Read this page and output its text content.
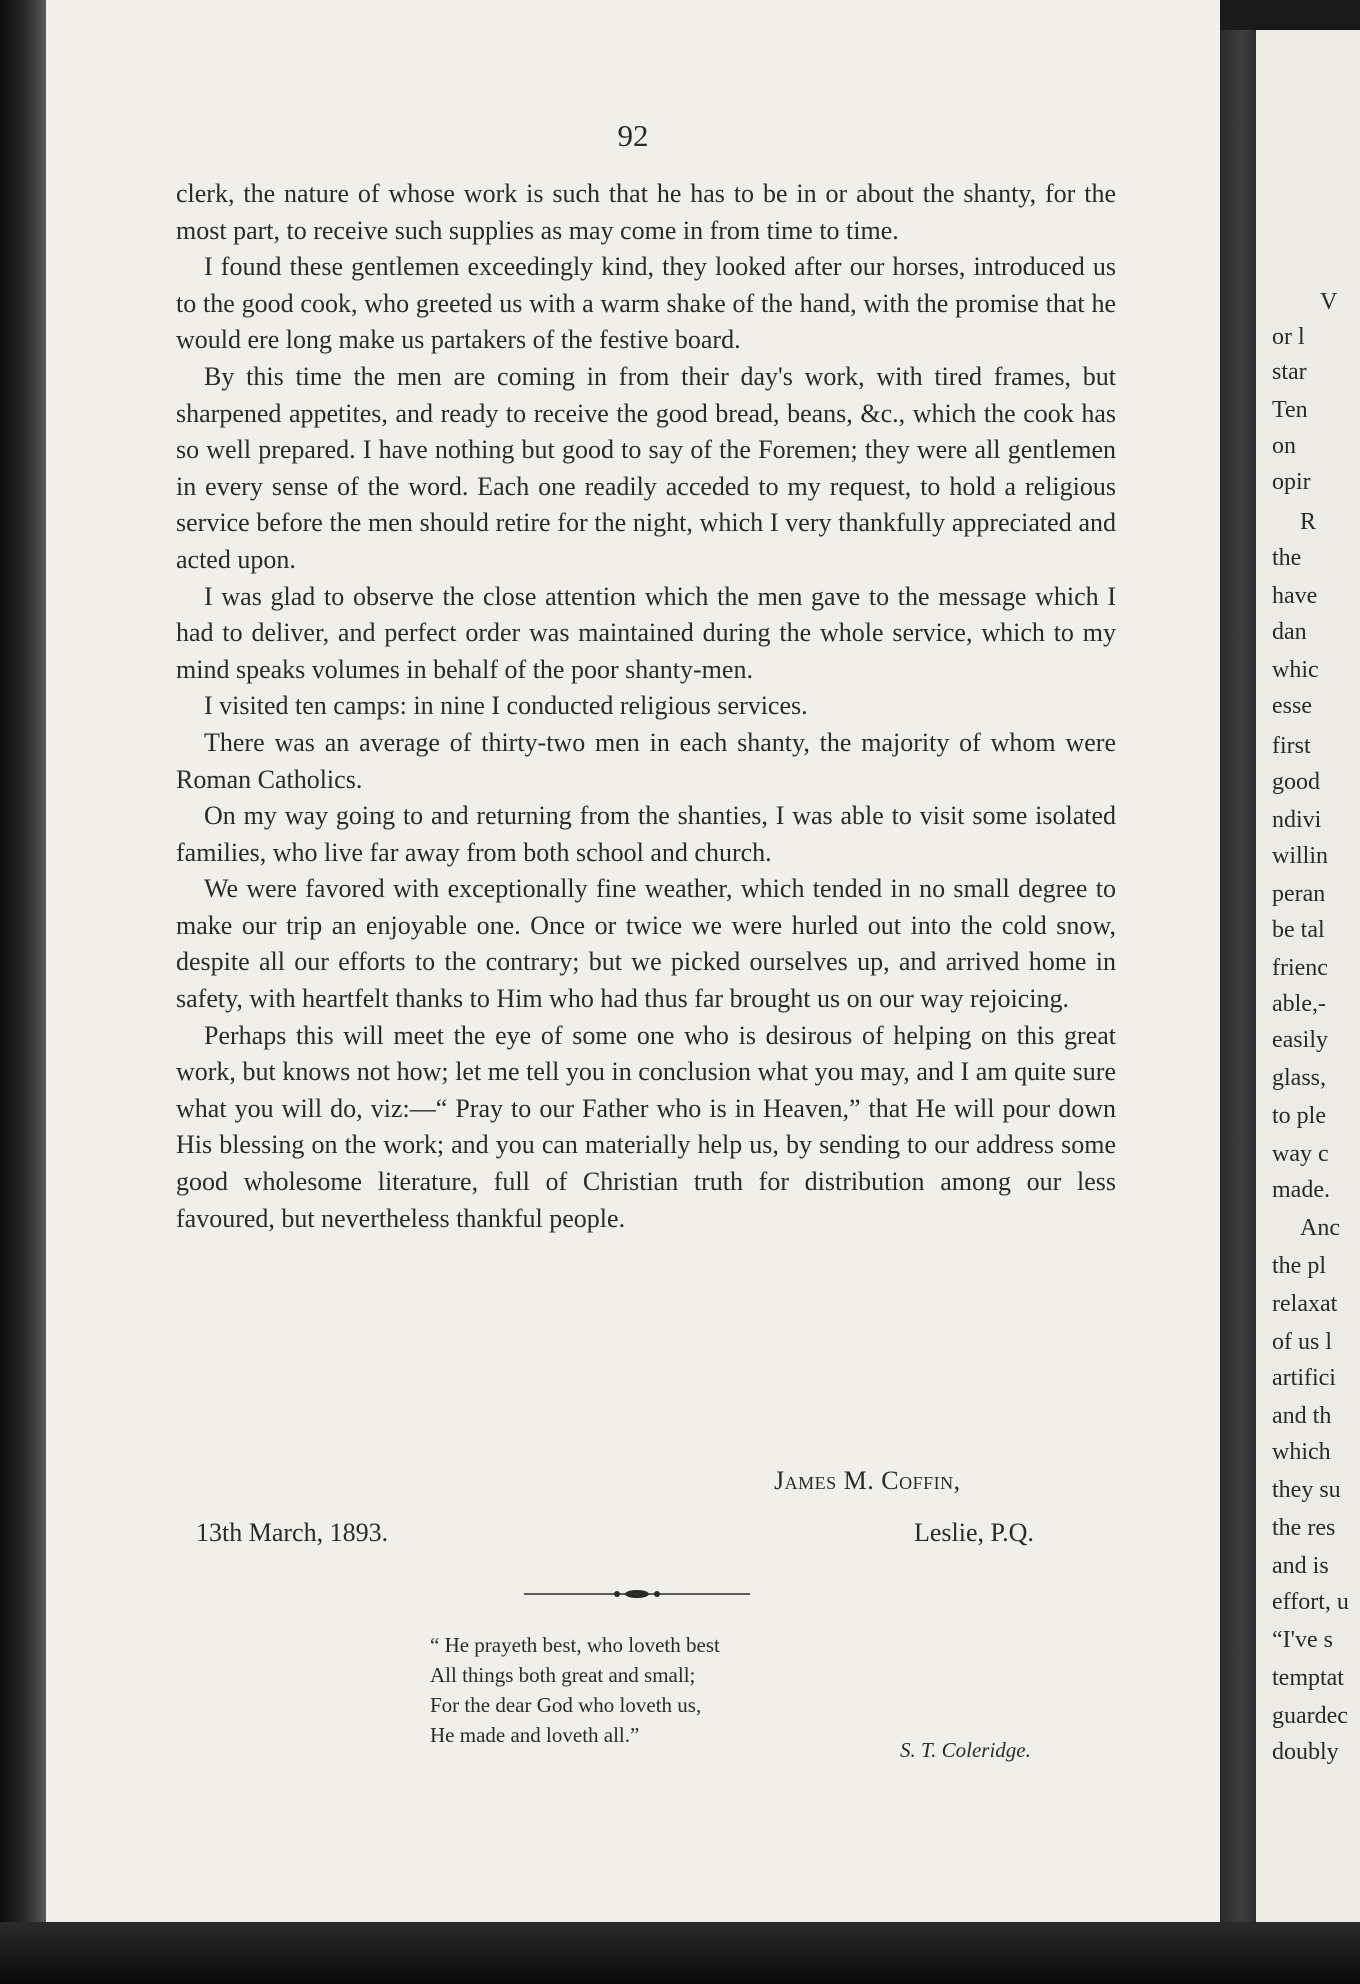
92

clerk, the nature of whose work is such that he has to be in or about the shanty, for the most part, to receive such supplies as may come in from time to time.

I found these gentlemen exceedingly kind, they looked after our horses, introduced us to the good cook, who greeted us with a warm shake of the hand, with the promise that he would ere long make us partakers of the festive board.

By this time the men are coming in from their day's work, with tired frames, but sharpened appetites, and ready to receive the good bread, beans, &c., which the cook has so well prepared. I have nothing but good to say of the Foremen; they were all gentlemen in every sense of the word. Each one readily acceded to my request, to hold a religious service before the men should retire for the night, which I very thankfully appreciated and acted upon.

I was glad to observe the close attention which the men gave to the message which I had to deliver, and perfect order was maintained during the whole service, which to my mind speaks volumes in behalf of the poor shanty-men.

I visited ten camps: in nine I conducted religious services.

There was an average of thirty-two men in each shanty, the majority of whom were Roman Catholics.

On my way going to and returning from the shanties, I was able to visit some isolated families, who live far away from both school and church.

We were favored with exceptionally fine weather, which tended in no small degree to make our trip an enjoyable one. Once or twice we were hurled out into the cold snow, despite all our efforts to the contrary; but we picked ourselves up, and arrived home in safety, with heartfelt thanks to Him who had thus far brought us on our way rejoicing.

Perhaps this will meet the eye of some one who is desirous of helping on this great work, but knows not how; let me tell you in conclusion what you may, and I am quite sure what you will do, viz:—“ Pray to our Father who is in Heaven,” that He will pour down His blessing on the work; and you can materially help us, by sending to our address some good wholesome literature, full of Christian truth for distribution among our less favoured, but nevertheless thankful people.

James M. Coffin,
13th March, 1893.	Leslie, P.Q.

“ He prayeth best, who loveth best

All things both great and small;

For the dear God who loveth us,

He made and loveth all.”

S. T. Coleridge.
V
or l
star
Ten
on
opir
R
the
have
dan
whic
esse
first
good
ndivi
willin
peran
be tal
frienc
able,-
easily
glass,
to ple
way c
made.
Anc
the pl
relaxat
of us l
artifici
and th
which
they su
the res
and is
effort, u
“I've s
temptat
guardec
doubly
